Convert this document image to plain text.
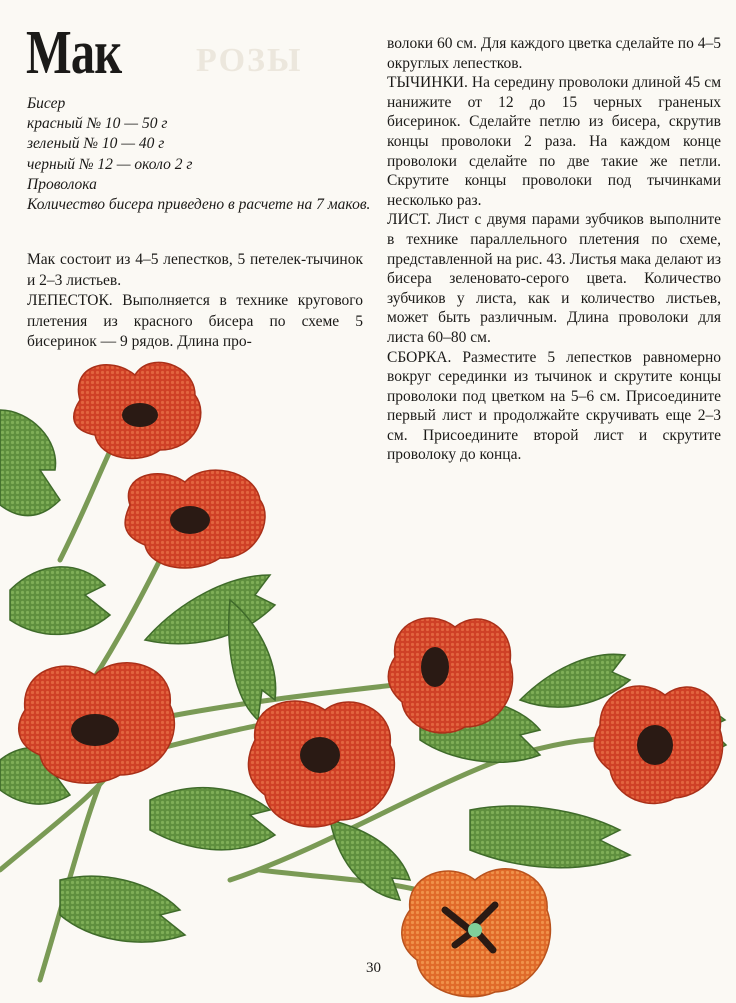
РОЗЫ
Мак
Бисер
красный № 10 — 50 г
зеленый № 10 — 40 г
черный № 12 — около 2 г
Проволока
Количество бисера приведено в расчете на 7 маков.

Мак состоит из 4–5 лепестков, 5 петелек-тычинок и 2–3 листьев.

ЛЕПЕСТОК. Выполняется в технике кругового плетения из красного бисера по схеме 5 бисеринок — 9 рядов. Длина про-

волоки 60 см. Для каждого цветка сделайте по 4–5 округлых лепестков.

ТЫЧИНКИ. На середину проволоки длиной 45 см нанижите от 12 до 15 черных граненых бисеринок. Сделайте петлю из бисера, скрутив концы проволоки 2 раза. На каждом конце проволоки сделайте по две такие же петли. Скрутите концы проволоки под тычинками несколько раз.

ЛИСТ. Лист с двумя парами зубчиков выполните в технике параллельного плетения по схеме, представленной на рис. 43. Листья мака делают из бисера зеленовато-серого цвета. Количество зубчиков у листа, как и количество листьев, может быть различным. Длина проволоки для листа 60–80 см.

СБОРКА. Разместите 5 лепестков равномерно вокруг серединки из тычинок и скрутите концы проволоки под цветком на 5–6 см. Присоедините первый лист и продолжайте скручивать еще 2–3 см. Присоедините второй лист и скрутите проволоку до конца.

30
